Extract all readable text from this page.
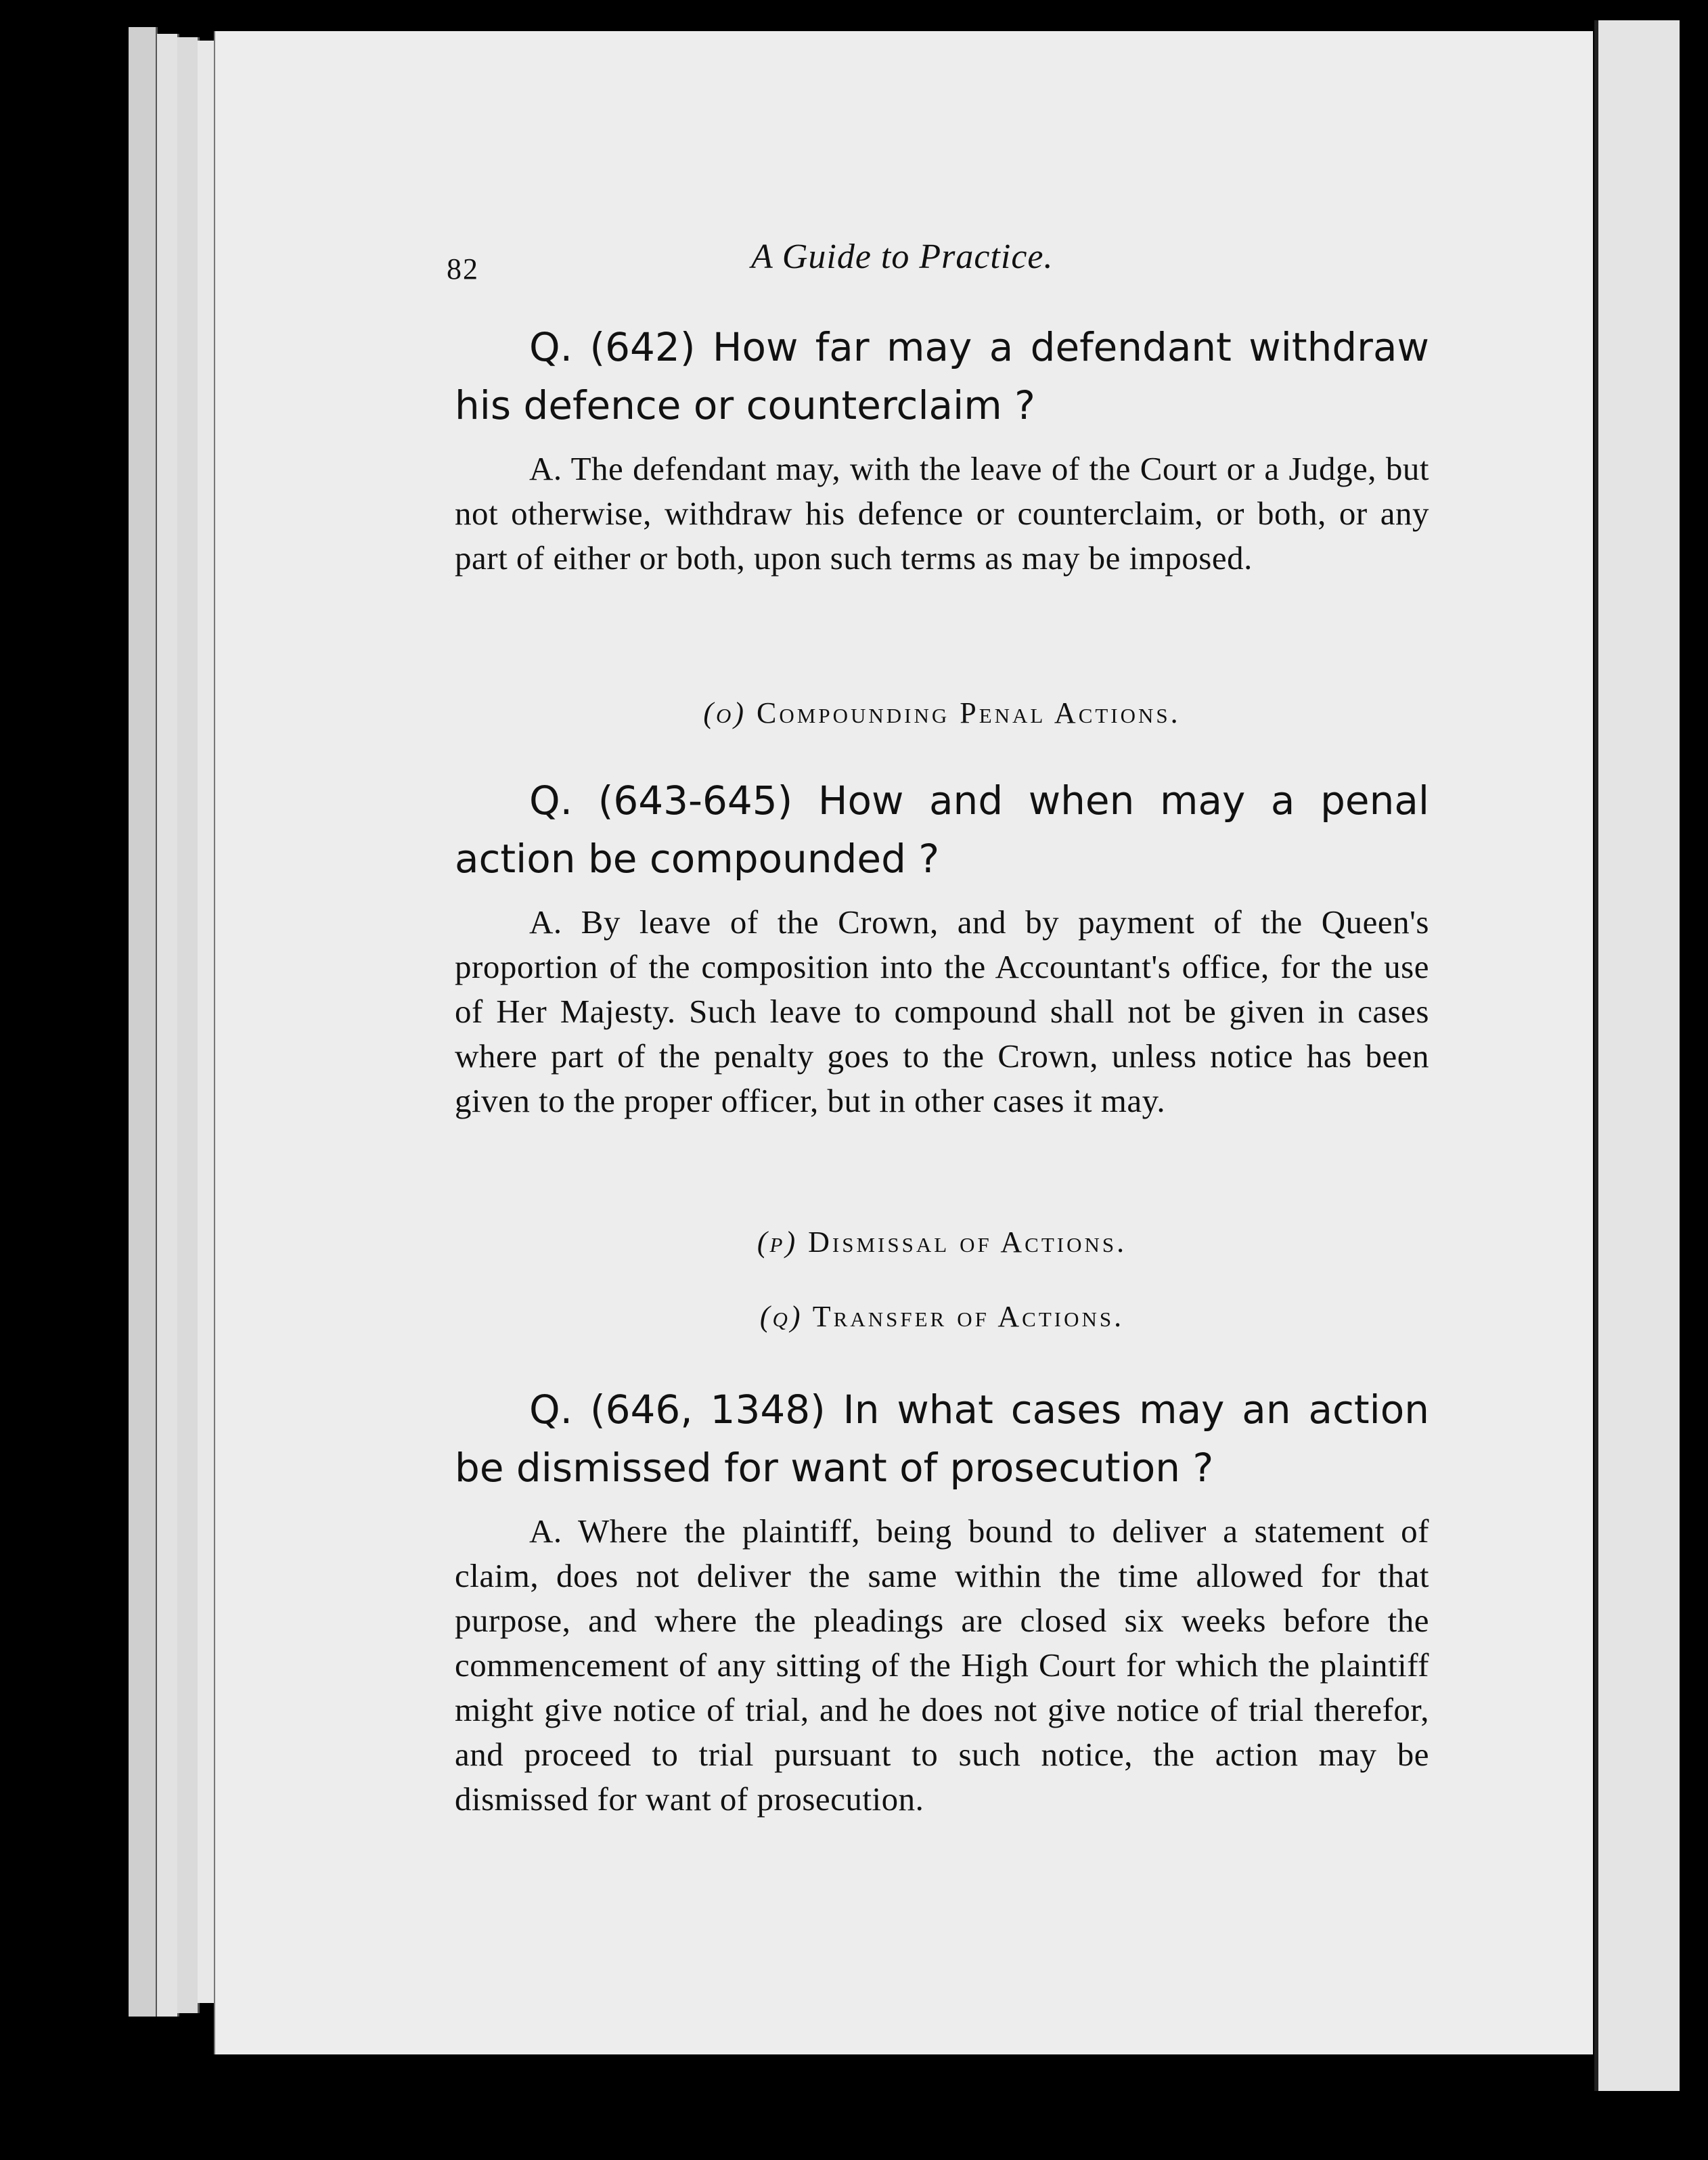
82	A Guide to Practice.

Q. (642) How far may a defendant withdraw his defence or counterclaim ?

A. The defendant may, with the leave of the Court or a Judge, but not otherwise, withdraw his defence or counterclaim, or both, or any part of either or both, upon such terms as may be imposed.

(o) Compounding Penal Actions.

Q. (643-645) How and when may a penal action be compounded ?

A. By leave of the Crown, and by payment of the Queen's proportion of the composition into the Accountant's office, for the use of Her Majesty. Such leave to compound shall not be given in cases where part of the penalty goes to the Crown, unless notice has been given to the proper officer, but in other cases it may.

(p) Dismissal of Actions.

(q) Transfer of Actions.

Q. (646, 1348) In what cases may an action be dismissed for want of prosecution ?

A. Where the plaintiff, being bound to deliver a statement of claim, does not deliver the same within the time allowed for that purpose, and where the pleadings are closed six weeks before the commencement of any sitting of the High Court for which the plaintiff might give notice of trial, and he does not give notice of trial therefor, and proceed to trial pursuant to such notice, the action may be dismissed for want of prosecution.
